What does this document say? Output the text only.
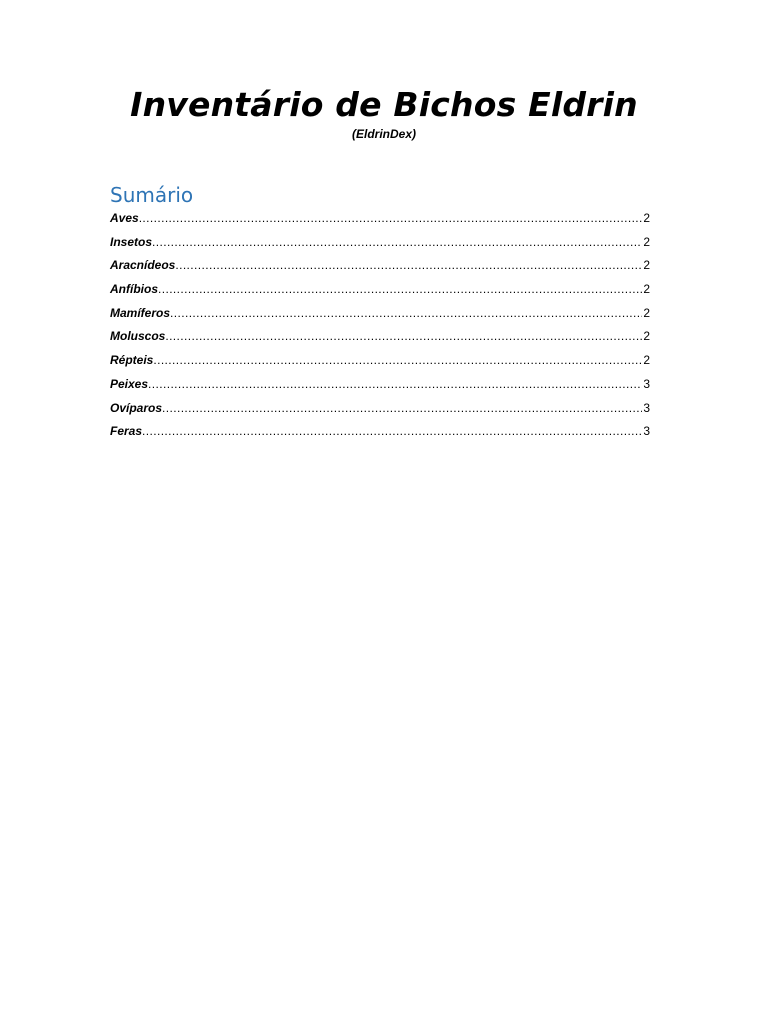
Inventário de Bichos Eldrin
(EldrinDex)
Sumário
Aves .....	2
Insetos .....	2
Aracnídeos .....	2
Anfíbios .....	2
Mamíferos .....	2
Moluscos .....	2
Répteis .....	2
Peixes .....	3
Ovíparos .....	3
Feras .....	3
